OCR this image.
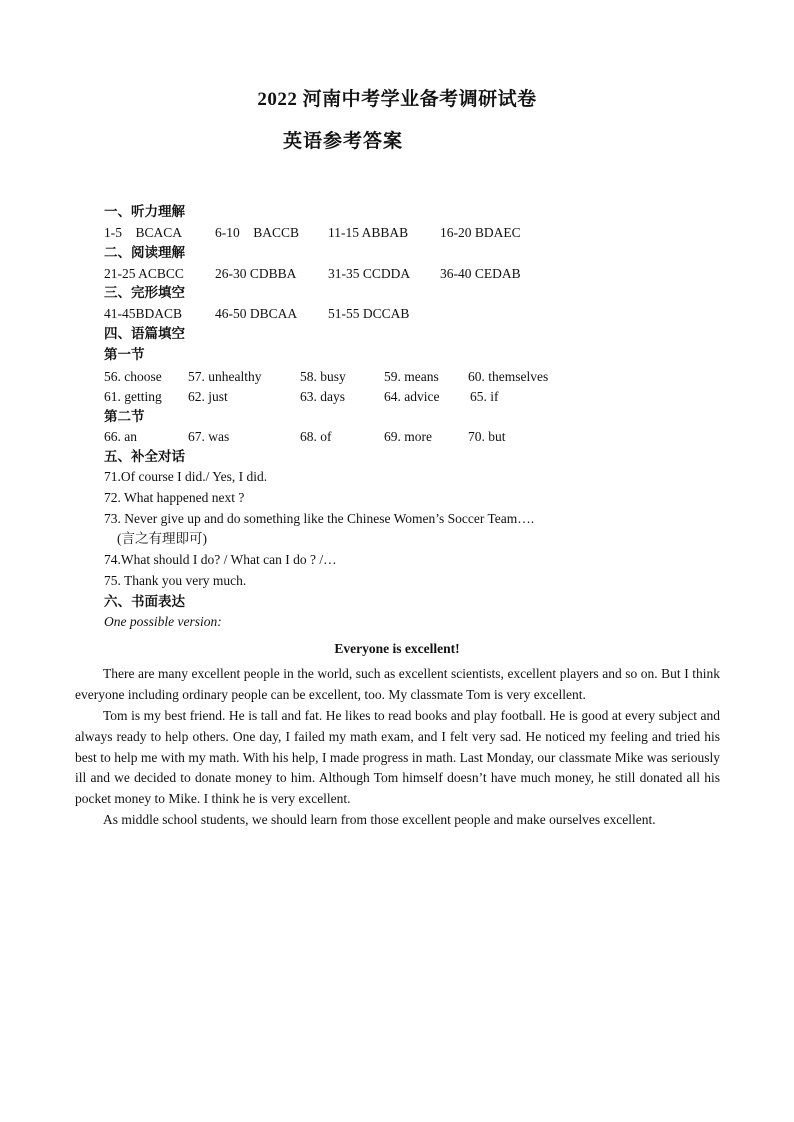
2022 河南中考学业备考调研试卷
英语参考答案
一、听力理解
1-5　BCACA 6-10　BACCB 11-15 ABBAB 16-20 BDAEC
二、阅读理解
21-25 ACBCC 26-30 CDBBA 31-35 CCDDA 36-40 CEDAB
三、完形填空
41-45BDACB 46-50 DBCAA 51-55 DCCAB
四、语篇填空
第一节
56. choose 57. unhealthy	58. busy	59. means 60. themselves
61. getting 62. just	63. days	64. advice 65. if
第二节
66. an	67. was	68. of	69. more	70. but
五、补全对话
71.Of course I did./ Yes, I did.
72. What happened next ?
73. Never give up and do something like the Chinese Women’s Soccer Team….
(言之有理即可)
74.What should I do? / What can I do ? /…
75. Thank you very much.
六、书面表达
One possible version:
Everyone is excellent!

There are many excellent people in the world, such as excellent scientists, excellent players and so on. But I think everyone including ordinary people can be excellent, too. My classmate Tom is very excellent.

Tom is my best friend. He is tall and fat. He likes to read books and play football. He is good at every subject and always ready to help others. One day, I failed my math exam, and I felt very sad. He noticed my feeling and tried his best to help me with my math. With his help, I made progress in math. Last Monday, our classmate Mike was seriously ill and we decided to donate money to him. Although Tom himself doesn’t have much money, he still donated all his pocket money to Mike. I think he is very excellent.

As middle school students, we should learn from those excellent people and make ourselves excellent.
